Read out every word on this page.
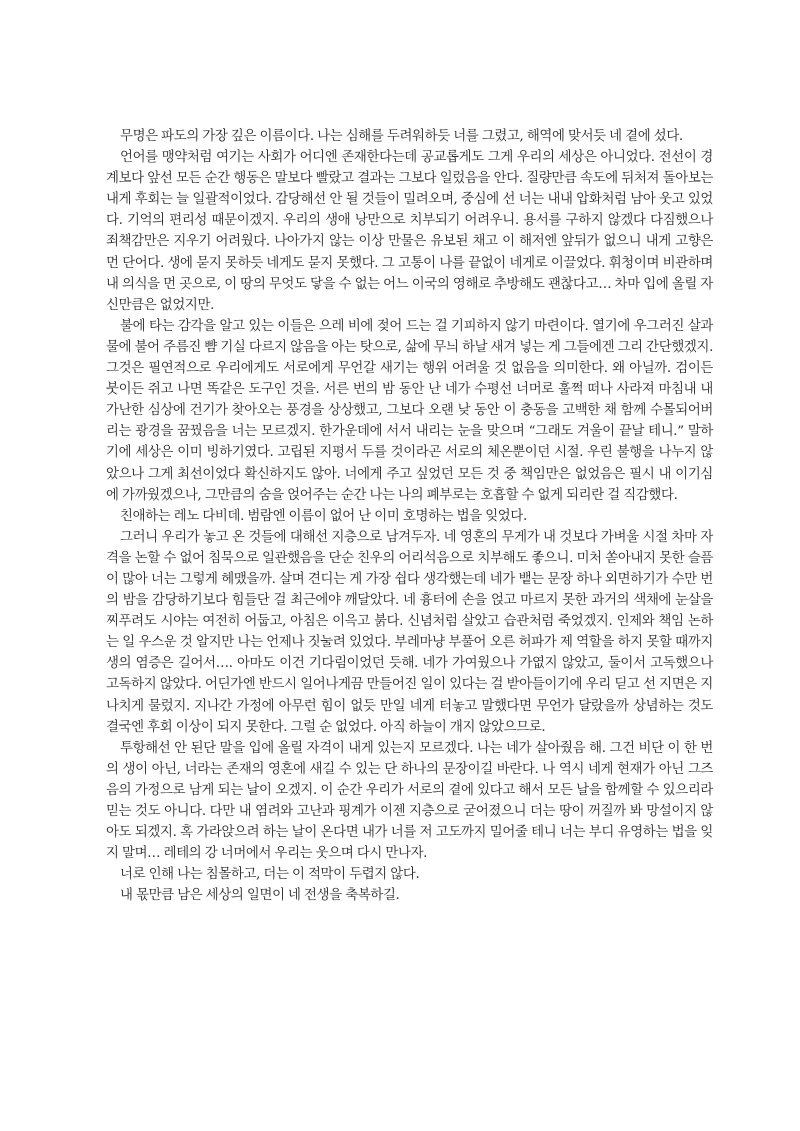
무명은 파도의 가장 깊은 이름이다. 나는 심해를 두려워하듯 너를 그렸고, 해역에 맞서듯 네 곁에 섰다.

언어를 맹약처럼 여기는 사회가 어디엔 존재한다는데 공교롭게도 그게 우리의 세상은 아니었다. 전선이 경계보다 앞선 모든 순간 행동은 말보다 빨랐고 결과는 그보다 일렀음을 안다. 질량만큼 속도에 뒤처져 돌아보는 내게 후회는 늘 일괄적이었다. 감당해선 안 될 것들이 밀려오며, 중심에 선 너는 내내 압화처럼 남아 웃고 있었다. 기억의 편리성 때문이겠지. 우리의 생애 낭만으로 치부되기 어려우니. 용서를 구하지 않겠다 다짐했으나 죄책감만은 지우기 어려웠다. 나아가지 않는 이상 만물은 유보된 채고 이 해저엔 앞뒤가 없으니 내게 고향은 먼 단어다. 생에 묻지 못하듯 네게도 묻지 못했다. 그 고통이 나를 끝없이 네게로 이끌었다. 휘청이며 비관하며 내 의식을 먼 곳으로, 이 땅의 무엇도 닿을 수 없는 어느 이국의 영해로 추방해도 괜찮다고… 차마 입에 올릴 자신만큼은 없었지만.

불에 타는 감각을 알고 있는 이들은 으레 비에 젖어 드는 걸 기피하지 않기 마련이다. 열기에 우그러진 살과 물에 불어 주름진 뺨 기실 다르지 않음을 아는 탓으로, 삶에 무늬 하날 새겨 넣는 게 그들에겐 그리 간단했겠지. 그것은 필연적으로 우리에게도 서로에게 무언갈 새기는 행위 어려울 것 없음을 의미한다. 왜 아닐까. 검이든 붓이든 쥐고 나면 똑같은 도구인 것을. 서른 번의 밤 동안 난 네가 수평선 너머로 훌쩍 떠나 사라져 마침내 내 가난한 심상에 건기가 찾아오는 풍경을 상상했고, 그보다 오랜 낮 동안 이 충동을 고백한 채 함께 수몰되어버리는 광경을 꿈꿨음을 너는 모르겠지. 한가운데에 서서 내리는 눈을 맞으며 “그래도 겨울이 끝날 테니.” 말하기에 세상은 이미 빙하기였다. 고립된 지평서 두를 것이라곤 서로의 체온뿐이던 시절. 우린 불행을 나누지 않았으나 그게 최선이었다 확신하지도 않아. 너에게 주고 싶었던 모든 것 중 책임만은 없었음은 필시 내 이기심에 가까웠겠으나, 그만큼의 숨을 얹어주는 순간 나는 나의 폐부로는 호흡할 수 없게 되리란 걸 직감했다.

친애하는 레노 다비데. 범람엔 이름이 없어 난 이미 호명하는 법을 잊었다.

그러니 우리가 놓고 온 것들에 대해선 지층으로 남겨두자. 네 영혼의 무게가 내 것보다 가벼울 시절 차마 자격을 논할 수 없어 침묵으로 일관했음을 단순 친우의 어리석음으로 치부해도 좋으니. 미처 쏟아내지 못한 슬픔이 많아 너는 그렇게 헤맸을까. 살며 견디는 게 가장 쉽다 생각했는데 네가 뱉는 문장 하나 외면하기가 수만 번의 밤을 감당하기보다 힘들단 걸 최근에야 깨달았다. 네 흉터에 손을 얹고 마르지 못한 과거의 색채에 눈살을 찌푸려도 시야는 여전히 어둡고, 아침은 이윽고 붉다. 신념처럼 살았고 습관처럼 죽었겠지. 인제와 책임 논하는 일 우스운 것 알지만 나는 언제나 짓눌려 있었다. 부레마냥 부풀어 오른 허파가 제 역할을 하지 못할 때까지 생의 염증은 길어서…. 아마도 이건 기다림이었던 듯해. 네가 가여웠으나 가엾지 않았고, 둘이서 고독했으나 고독하지 않았다. 어딘가엔 반드시 일어나게끔 만들어진 일이 있다는 걸 받아들이기에 우리 딛고 선 지면은 지나치게 물렀지. 지나간 가정에 아무런 힘이 없듯 만일 네게 터놓고 말했다면 무언가 달랐을까 상념하는 것도 결국엔 후회 이상이 되지 못한다. 그럴 순 없었다. 아직 하늘이 개지 않았으므로.

투항해선 안 된단 말을 입에 올릴 자격이 내게 있는지 모르겠다. 나는 네가 살아줬음 해. 그건 비단 이 한 번의 생이 아닌, 너라는 존재의 영혼에 새길 수 있는 단 하나의 문장이길 바란다. 나 역시 네게 현재가 아닌 그즈음의 가정으로 남게 되는 날이 오겠지. 이 순간 우리가 서로의 곁에 있다고 해서 모든 날을 함께할 수 있으리라 믿는 것도 아니다. 다만 내 염려와 고난과 핑계가 이젠 지층으로 굳어졌으니 더는 땅이 꺼질까 봐 망설이지 않아도 되겠지. 혹 가라앉으려 하는 날이 온다면 내가 너를 저 고도까지 밀어줄 테니 너는 부디 유영하는 법을 잊지 말며… 레테의 강 너머에서 우리는 웃으며 다시 만나자.

너로 인해 나는 침몰하고, 더는 이 적막이 두렵지 않다.

내 몫만큼 남은 세상의 일면이 네 전생을 축복하길.
